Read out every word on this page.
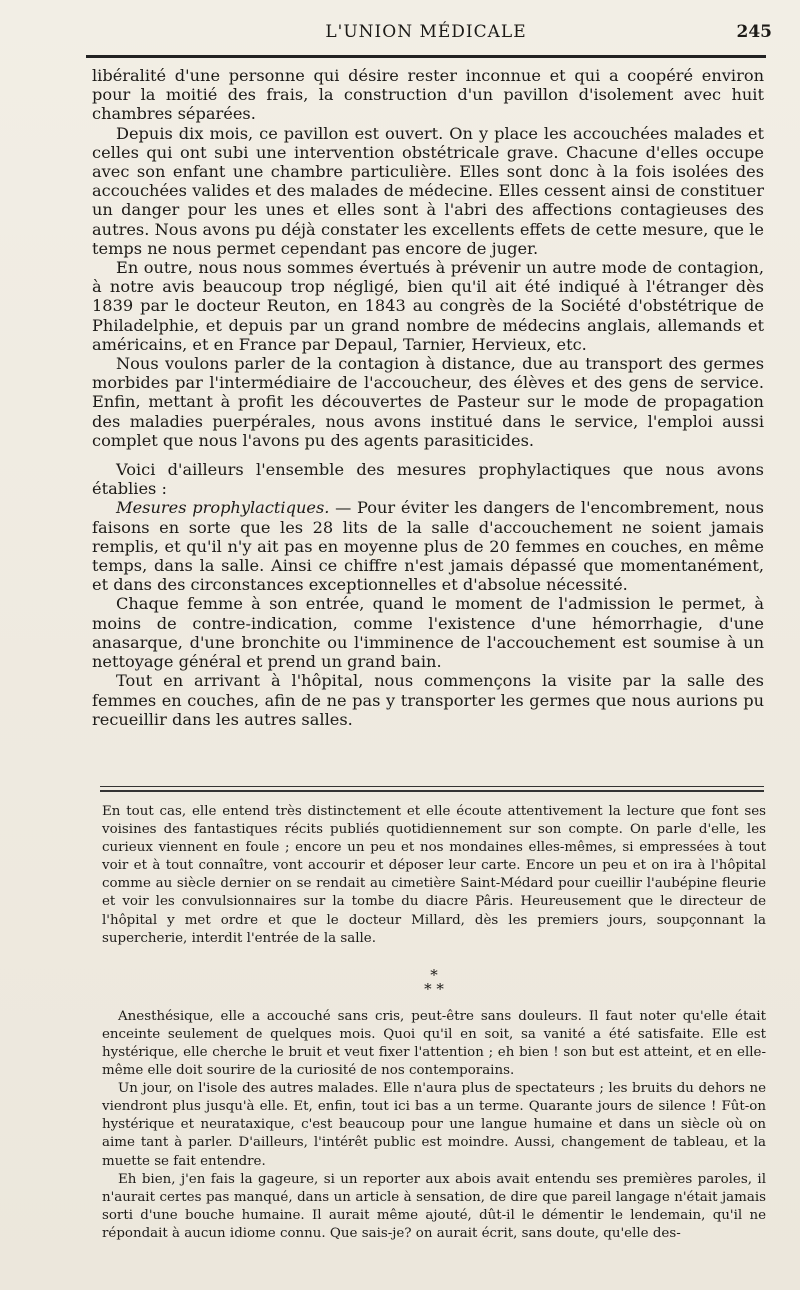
L'UNION MÉDICALE	245

libéralité d'une personne qui désire rester inconnue et qui a coopéré environ pour la moitié des frais, la construction d'un pavillon d'isolement avec huit chambres séparées.

Depuis dix mois, ce pavillon est ouvert. On y place les accouchées malades et celles qui ont subi une intervention obstétricale grave. Chacune d'elles occupe avec son enfant une chambre particulière. Elles sont donc à la fois isolées des accouchées valides et des malades de médecine. Elles cessent ainsi de constituer un danger pour les unes et elles sont à l'abri des affections contagieuses des autres. Nous avons pu déjà constater les excellents effets de cette mesure, que le temps ne nous permet cependant pas encore de juger.

En outre, nous nous sommes évertués à prévenir un autre mode de contagion, à notre avis beaucoup trop négligé, bien qu'il ait été indiqué à l'étranger dès 1839 par le docteur Reuton, en 1843 au congrès de la Société d'obstétrique de Philadelphie, et depuis par un grand nombre de médecins anglais, allemands et américains, et en France par Depaul, Tarnier, Hervieux, etc.

Nous voulons parler de la contagion à distance, due au transport des germes morbides par l'intermédiaire de l'accoucheur, des élèves et des gens de service. Enfin, mettant à profit les découvertes de Pasteur sur le mode de propagation des maladies puerpérales, nous avons institué dans le service, l'emploi aussi complet que nous l'avons pu des agents parasiticides.

Voici d'ailleurs l'ensemble des mesures prophylactiques que nous avons établies :

Mesures prophylactiques. — Pour éviter les dangers de l'encombrement, nous faisons en sorte que les 28 lits de la salle d'accouchement ne soient jamais remplis, et qu'il n'y ait pas en moyenne plus de 20 femmes en couches, en même temps, dans la salle. Ainsi ce chiffre n'est jamais dépassé que momentanément, et dans des circonstances exceptionnelles et d'absolue nécessité.

Chaque femme à son entrée, quand le moment de l'admission le permet, à moins de contre-indication, comme l'existence d'une hémorrhagie, d'une anasarque, d'une bronchite ou l'imminence de l'accouchement est soumise à un nettoyage général et prend un grand bain.

Tout en arrivant à l'hôpital, nous commençons la visite par la salle des femmes en couches, afin de ne pas y transporter les germes que nous aurions pu recueillir dans les autres salles.

En tout cas, elle entend très distinctement et elle écoute attentivement la lecture que font ses voisines des fantastiques récits publiés quotidiennement sur son compte. On parle d'elle, les curieux viennent en foule ; encore un peu et nos mondaines elles-mêmes, si empressées à tout voir et à tout connaître, vont accourir et déposer leur carte. Encore un peu et on ira à l'hôpital comme au siècle dernier on se rendait au cimetière Saint-Médard pour cueillir l'aubépine fleurie et voir les convulsionnaires sur la tombe du diacre Pâris. Heureusement que le directeur de l'hôpital y met ordre et que le docteur Millard, dès les premiers jours, soupçonnant la supercherie, interdit l'entrée de la salle.

*
* *

Anesthésique, elle a accouché sans cris, peut-être sans douleurs. Il faut noter qu'elle était enceinte seulement de quelques mois. Quoi qu'il en soit, sa vanité a été satisfaite. Elle est hystérique, elle cherche le bruit et veut fixer l'attention ; eh bien ! son but est atteint, et en elle-même elle doit sourire de la curiosité de nos contemporains.

Un jour, on l'isole des autres malades. Elle n'aura plus de spectateurs ; les bruits du dehors ne viendront plus jusqu'à elle. Et, enfin, tout ici bas a un terme. Quarante jours de silence ! Fût-on hystérique et neurataxique, c'est beaucoup pour une langue humaine et dans un siècle où on aime tant à parler. D'ailleurs, l'intérêt public est moindre. Aussi, changement de tableau, et la muette se fait entendre.

Eh bien, j'en fais la gageure, si un reporter aux abois avait entendu ses premières paroles, il n'aurait certes pas manqué, dans un article à sensation, de dire que pareil langage n'était jamais sorti d'une bouche humaine. Il aurait même ajouté, dût-il le démentir le lendemain, qu'il ne répondait à aucun idiome connu. Que sais-je? on aurait écrit, sans doute, qu'elle des-
